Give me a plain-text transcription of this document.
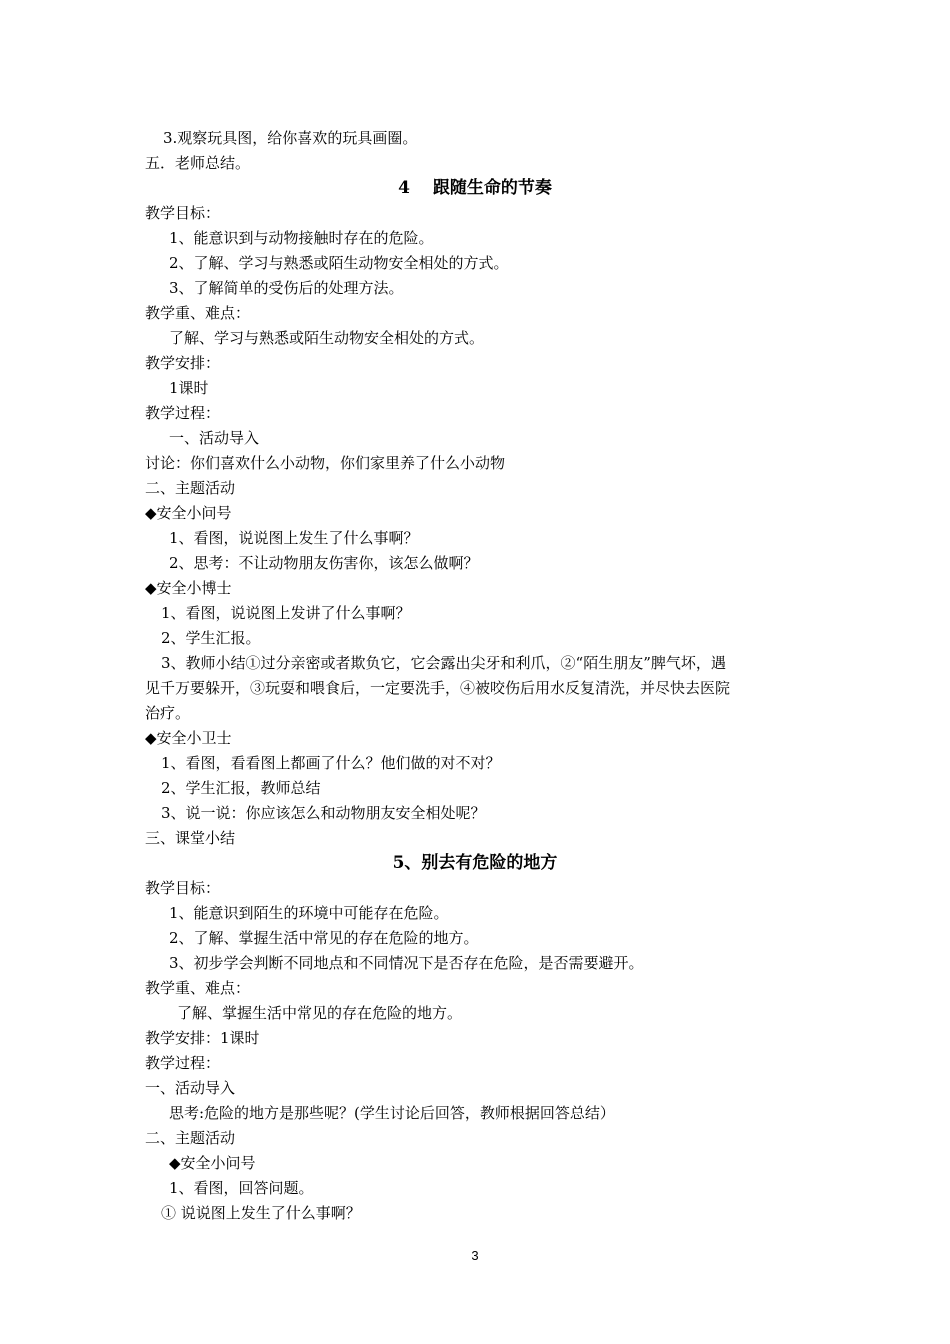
3.观察玩具图，给你喜欢的玩具画圈。
五．老师总结。
4　 跟随生命的节奏
教学目标：
1、能意识到与动物接触时存在的危险。
2、了解、学习与熟悉或陌生动物安全相处的方式。
3、了解简单的受伤后的处理方法。
教学重、难点：
了解、学习与熟悉或陌生动物安全相处的方式。
教学安排：
1课时
教学过程：
一、活动导入
讨论：你们喜欢什么小动物，你们家里养了什么小动物
二、主题活动
◆安全小问号
1、看图，说说图上发生了什么事啊？
2、思考：不让动物朋友伤害你，该怎么做啊？
◆安全小博士
1、看图，说说图上发讲了什么事啊？
2、学生汇报。
3、教师小结①过分亲密或者欺负它，它会露出尖牙和利爪，②“陌生朋友”脾气坏，遇
见千万要躲开，③玩耍和喂食后，一定要洗手，④被咬伤后用水反复清洗，并尽快去医院
治疗。
◆安全小卫士
1、看图，看看图上都画了什么？他们做的对不对？
2、学生汇报，教师总结
3、说一说：你应该怎么和动物朋友安全相处呢？
三、课堂小结
5、别去有危险的地方
教学目标：
1、能意识到陌生的环境中可能存在危险。
2、了解、掌握生活中常见的存在危险的地方。
3、初步学会判断不同地点和不同情况下是否存在危险，是否需要避开。
教学重、难点：
了解、掌握生活中常见的存在危险的地方。
教学安排：1课时
教学过程：
一、活动导入
思考:危险的地方是那些呢？(学生讨论后回答，教师根据回答总结）
二、主题活动
◆安全小问号
1、看图，回答问题。
① 说说图上发生了什么事啊？
3
